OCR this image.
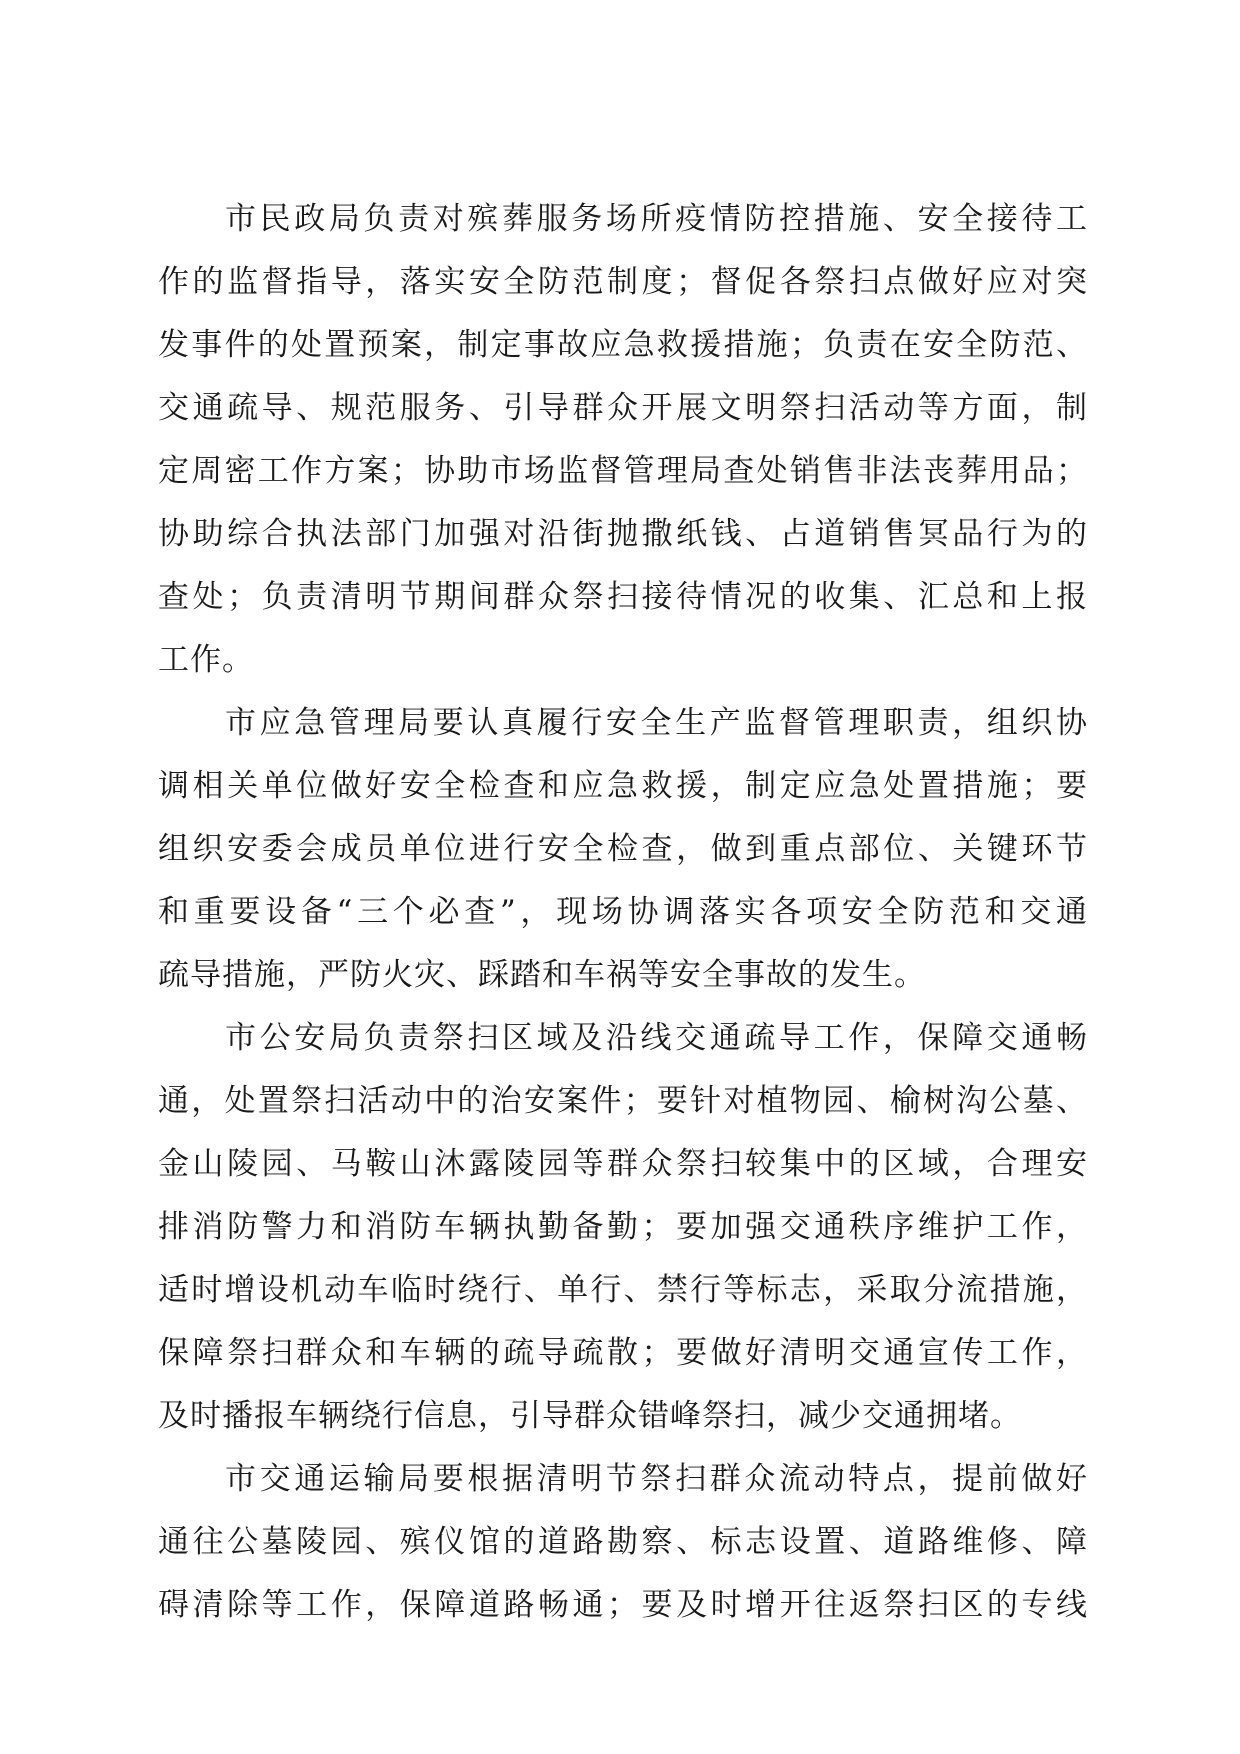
市民政局负责对殡葬服务场所疫情防控措施、安全接待工
作的监督指导，落实安全防范制度；督促各祭扫点做好应对突
发事件的处置预案，制定事故应急救援措施；负责在安全防范、
交通疏导、规范服务、引导群众开展文明祭扫活动等方面，制
定周密工作方案；协助市场监督管理局查处销售非法丧葬用品；
协助综合执法部门加强对沿街抛撒纸钱、占道销售冥品行为的
查处；负责清明节期间群众祭扫接待情况的收集、汇总和上报
工作。
市应急管理局要认真履行安全生产监督管理职责，组织协
调相关单位做好安全检查和应急救援，制定应急处置措施；要
组织安委会成员单位进行安全检查，做到重点部位、关键环节
和重要设备“三个必查”，现场协调落实各项安全防范和交通
疏导措施，严防火灾、踩踏和车祸等安全事故的发生。
市公安局负责祭扫区域及沿线交通疏导工作，保障交通畅
通，处置祭扫活动中的治安案件；要针对植物园、榆树沟公墓、
金山陵园、马鞍山沐露陵园等群众祭扫较集中的区域，合理安
排消防警力和消防车辆执勤备勤；要加强交通秩序维护工作，
适时增设机动车临时绕行、单行、禁行等标志，采取分流措施，
保障祭扫群众和车辆的疏导疏散；要做好清明交通宣传工作，
及时播报车辆绕行信息，引导群众错峰祭扫，减少交通拥堵。
市交通运输局要根据清明节祭扫群众流动特点，提前做好
通往公墓陵园、殡仪馆的道路勘察、标志设置、道路维修、障
碍清除等工作，保障道路畅通；要及时增开往返祭扫区的专线
